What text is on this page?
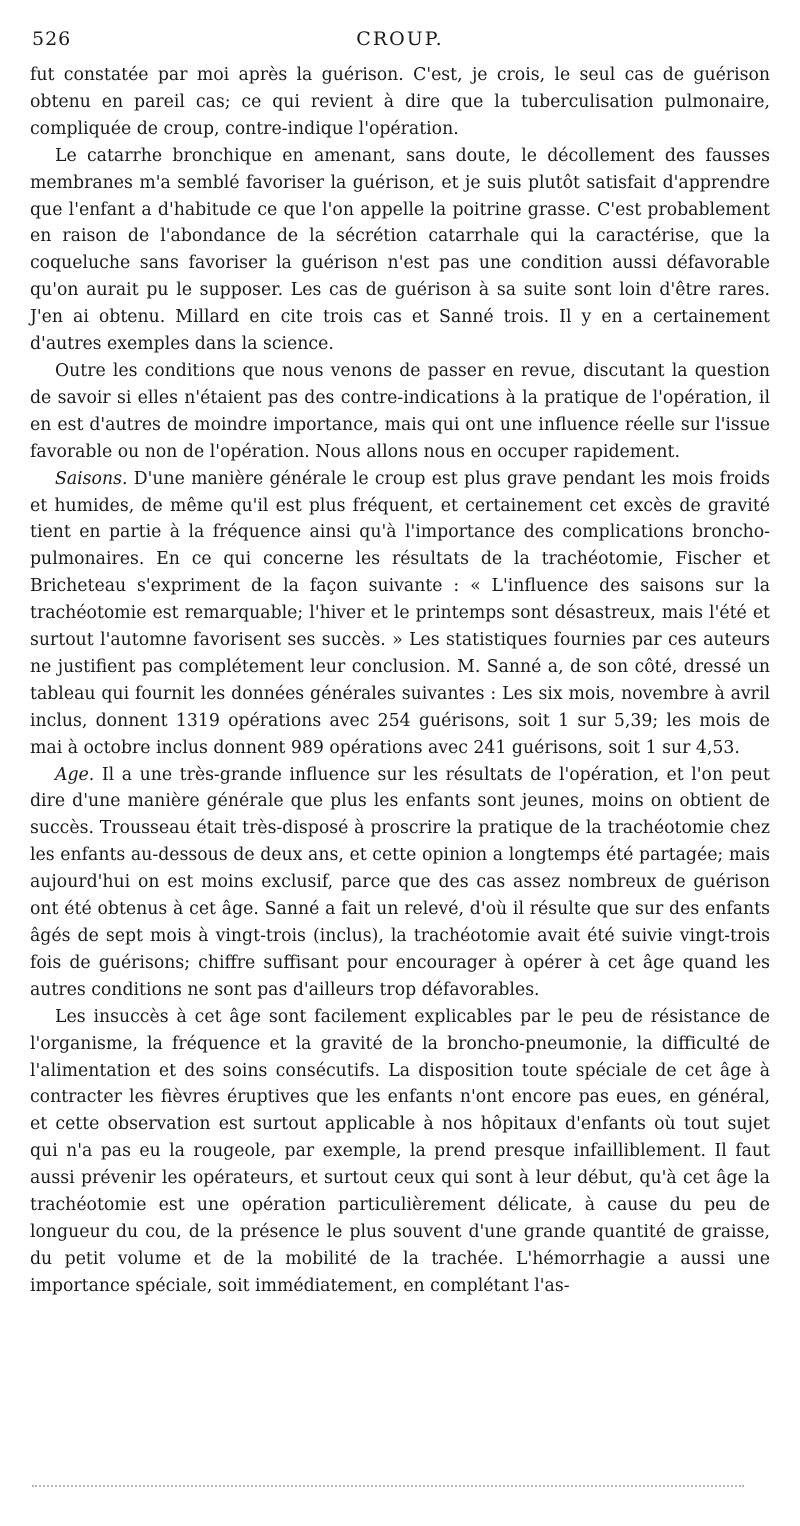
526	CROUP.

fut constatée par moi après la guérison. C'est, je crois, le seul cas de guérison obtenu en pareil cas; ce qui revient à dire que la tuberculisation pulmonaire, compliquée de croup, contre-indique l'opération.

Le catarrhe bronchique en amenant, sans doute, le décollement des fausses membranes m'a semblé favoriser la guérison, et je suis plutôt satisfait d'apprendre que l'enfant a d'habitude ce que l'on appelle la poitrine grasse. C'est probablement en raison de l'abondance de la sécrétion catarrhale qui la caractérise, que la coqueluche sans favoriser la guérison n'est pas une condition aussi défavorable qu'on aurait pu le supposer. Les cas de guérison à sa suite sont loin d'être rares. J'en ai obtenu. Millard en cite trois cas et Sanné trois. Il y en a certainement d'autres exemples dans la science.

Outre les conditions que nous venons de passer en revue, discutant la question de savoir si elles n'étaient pas des contre-indications à la pratique de l'opération, il en est d'autres de moindre importance, mais qui ont une influence réelle sur l'issue favorable ou non de l'opération. Nous allons nous en occuper rapidement.

Saisons. D'une manière générale le croup est plus grave pendant les mois froids et humides, de même qu'il est plus fréquent, et certainement cet excès de gravité tient en partie à la fréquence ainsi qu'à l'importance des complications broncho-pulmonaires. En ce qui concerne les résultats de la trachéotomie, Fischer et Bricheteau s'expriment de la façon suivante : « L'influence des saisons sur la trachéotomie est remarquable; l'hiver et le printemps sont désastreux, mais l'été et surtout l'automne favorisent ses succès. » Les statistiques fournies par ces auteurs ne justifient pas complétement leur conclusion. M. Sanné a, de son côté, dressé un tableau qui fournit les données générales suivantes : Les six mois, novembre à avril inclus, donnent 1319 opérations avec 254 guérisons, soit 1 sur 5,39; les mois de mai à octobre inclus donnent 989 opérations avec 241 guérisons, soit 1 sur 4,53.

Age. Il a une très-grande influence sur les résultats de l'opération, et l'on peut dire d'une manière générale que plus les enfants sont jeunes, moins on obtient de succès. Trousseau était très-disposé à proscrire la pratique de la trachéotomie chez les enfants au-dessous de deux ans, et cette opinion a longtemps été partagée; mais aujourd'hui on est moins exclusif, parce que des cas assez nombreux de guérison ont été obtenus à cet âge. Sanné a fait un relevé, d'où il résulte que sur des enfants âgés de sept mois à vingt-trois (inclus), la trachéotomie avait été suivie vingt-trois fois de guérisons; chiffre suffisant pour encourager à opérer à cet âge quand les autres conditions ne sont pas d'ailleurs trop défavorables.

Les insuccès à cet âge sont facilement explicables par le peu de résistance de l'organisme, la fréquence et la gravité de la broncho-pneumonie, la difficulté de l'alimentation et des soins consécutifs. La disposition toute spéciale de cet âge à contracter les fièvres éruptives que les enfants n'ont encore pas eues, en général, et cette observation est surtout applicable à nos hôpitaux d'enfants où tout sujet qui n'a pas eu la rougeole, par exemple, la prend presque infailliblement. Il faut aussi prévenir les opérateurs, et surtout ceux qui sont à leur début, qu'à cet âge la trachéotomie est une opération particulièrement délicate, à cause du peu de longueur du cou, de la présence le plus souvent d'une grande quantité de graisse, du petit volume et de la mobilité de la trachée. L'hémorrhagie a aussi une importance spéciale, soit immédiatement, en complétant l'as-
